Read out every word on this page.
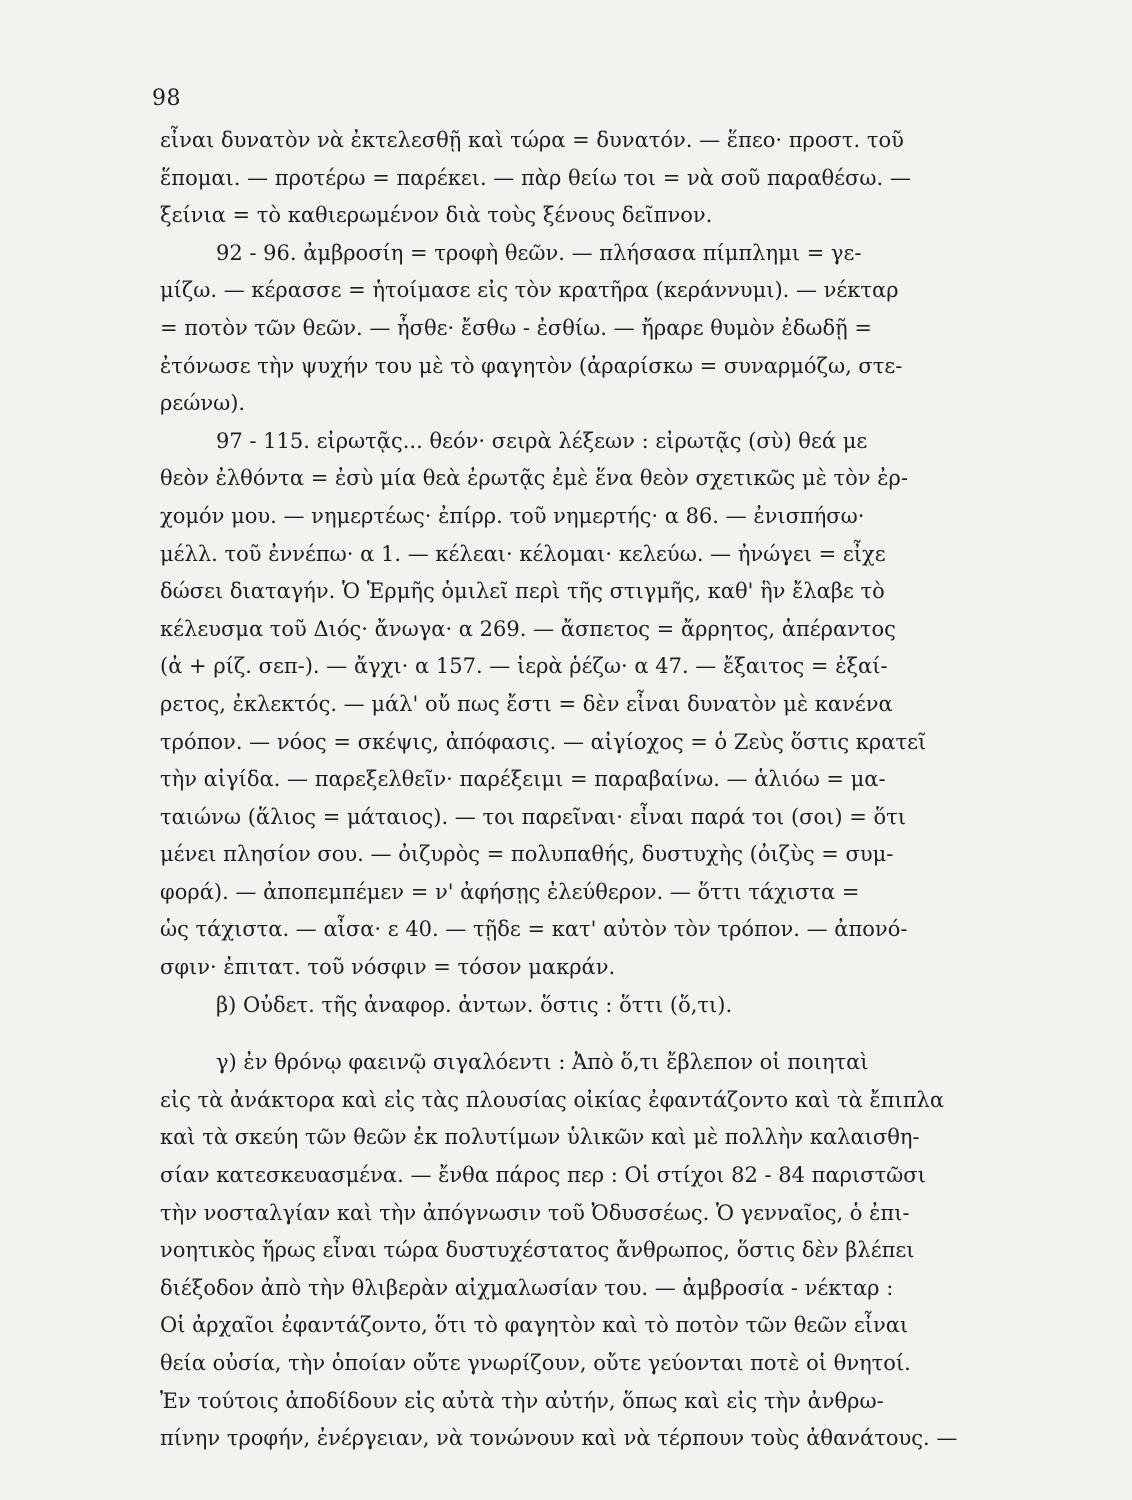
98
εἶναι δυνατὸν νὰ ἐκτελεσθῇ καὶ τώρα = δυνατόν. — ἕπεο· προστ. τοῦ
ἕπομαι. — προτέρω = παρέκει. — πὰρ θείω τοι = νὰ σοῦ παραθέσω. —
ξείνια = τὸ καθιερωμένον διὰ τοὺς ξένους δεῖπνον.
92 - 96. ἀμβροσίη = τροφὴ θεῶν. — πλήσασα πίμπλημι = γε-
μίζω. — κέρασσε = ἡτοίμασε εἰς τὸν κρατῆρα (κεράννυμι). — νέκταρ
= ποτὸν τῶν θεῶν. — ἦσθε· ἔσθω - ἐσθίω. — ἤραρε θυμὸν ἐδωδῇ =
ἐτόνωσε τὴν ψυχήν του μὲ τὸ φαγητὸν (ἀραρίσκω = συναρμόζω, στε-
ρεώνω).
97 - 115. εἰρωτᾷς... θεόν· σειρὰ λέξεων : εἰρωτᾷς (σὺ) θεά με
θεὸν ἐλθόντα = ἐσὺ μία θεὰ ἐρωτᾷς ἐμὲ ἕνα θεὸν σχετικῶς μὲ τὸν ἐρ-
χομόν μου. — νημερτέως· ἐπίρρ. τοῦ νημερτής· α 86. — ἐνισπήσω·
μέλλ. τοῦ ἐννέπω· α 1. — κέλεαι· κέλομαι· κελεύω. — ἠνώγει = εἶχε
δώσει διαταγήν. Ὁ Ἑρμῆς ὁμιλεῖ περὶ τῆς στιγμῆς, καθ' ἣν ἔλαβε τὸ
κέλευσμα τοῦ Διός· ἄνωγα· α 269. — ἄσπετος = ἄρρητος, ἀπέραντος
(ἀ + ρίζ. σεπ-). — ἄγχι· α 157. — ἱερὰ ῥέζω· α 47. — ἔξαιτος = ἐξαί-
ρετος, ἐκλεκτός. — μάλ' οὔ πως ἔστι = δὲν εἶναι δυνατὸν μὲ κανένα
τρόπον. — νόος = σκέψις, ἀπόφασις. — αἰγίοχος = ὁ Ζεὺς ὅστις κρατεῖ
τὴν αἰγίδα. — παρεξελθεῖν· παρέξειμι = παραβαίνω. — ἁλιόω = μα-
ταιώνω (ἅλιος = μάταιος). — τοι παρεῖναι· εἶναι παρά τοι (σοι) = ὅτι
μένει πλησίον σου. — ὀιζυρὸς = πολυπαθής, δυστυχὴς (ὀιζὺς = συμ-
φορά). — ἀποπεμπέμεν = ν' ἀφήσῃς ἐλεύθερον. — ὅττι τάχιστα =
ὡς τάχιστα. — αἶσα· ε 40. — τῇδε = κατ' αὐτὸν τὸν τρόπον. — ἀπονό-
σφιν· ἐπιτατ. τοῦ νόσφιν = τόσον μακράν.
β) Οὐδετ. τῆς ἀναφορ. ἀντων. ὅστις : ὅττι (ὅ,τι).
γ) ἐν θρόνῳ φαεινῷ σιγαλόεντι : Ἀπὸ ὅ,τι ἔβλεπον οἱ ποιηταὶ
εἰς τὰ ἀνάκτορα καὶ εἰς τὰς πλουσίας οἰκίας ἐφαντάζοντο καὶ τὰ ἔπιπλα
καὶ τὰ σκεύη τῶν θεῶν ἐκ πολυτίμων ὑλικῶν καὶ μὲ πολλὴν καλαισθη-
σίαν κατεσκευασμένα. — ἔνθα πάρος περ : Οἱ στίχοι 82 - 84 παριστῶσι
τὴν νοσταλγίαν καὶ τὴν ἀπόγνωσιν τοῦ Ὀδυσσέως. Ὁ γενναῖος, ὁ ἐπι-
νοητικὸς ἥρως εἶναι τώρα δυστυχέστατος ἄνθρωπος, ὅστις δὲν βλέπει
διέξοδον ἀπὸ τὴν θλιβερὰν αἰχμαλωσίαν του. — ἀμβροσία - νέκταρ :
Οἱ ἀρχαῖοι ἐφαντάζοντο, ὅτι τὸ φαγητὸν καὶ τὸ ποτὸν τῶν θεῶν εἶναι
θεία οὐσία, τὴν ὁποίαν οὔτε γνωρίζουν, οὔτε γεύονται ποτὲ οἱ θνητοί.
Ἐν τούτοις ἀποδίδουν εἰς αὐτὰ τὴν αὐτήν, ὅπως καὶ εἰς τὴν ἀνθρω-
πίνην τροφήν, ἐνέργειαν, νὰ τονώνουν καὶ νὰ τέρπουν τοὺς ἀθανάτους. —
